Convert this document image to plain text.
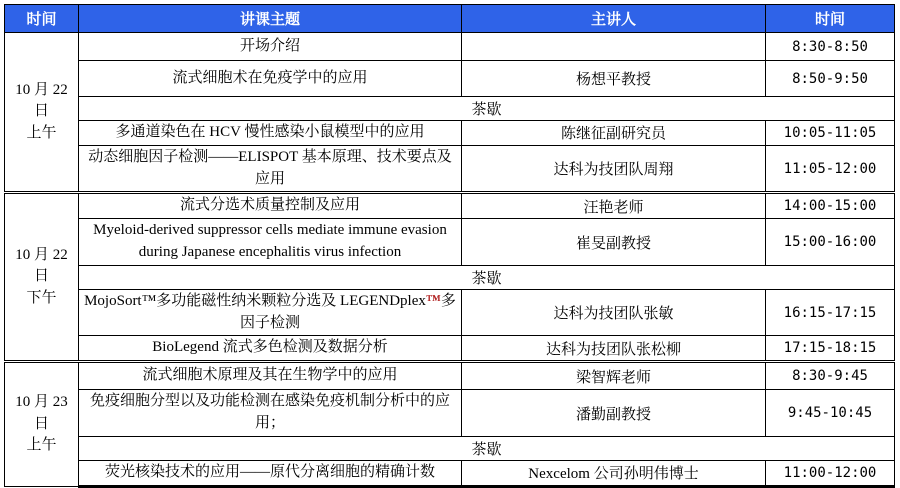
时间	讲课主题	主讲人	时间

10 月 22
日
上午	开场介绍		8:30-8:50
	流式细胞术在免疫学中的应用	杨想平教授	8:50-9:50
	茶歇		
	多通道染色在 HCV 慢性感染小鼠模型中的应用	陈继征副研究员	10:05-11:05
	动态细胞因子检测——ELISPOT 基本原理、技术要点及应用	达科为技团队周翔	11:05-12:00

10 月 22
日
下午	流式分选术质量控制及应用	汪艳老师	14:00-15:00
	Myeloid-derived suppressor cells mediate immune evasion during Japanese encephalitis virus infection	崔旻副教授	15:00-16:00
	茶歇		
	MojoSort™多功能磁性纳米颗粒分选及 LEGENDplex™多因子检测	达科为技团队张敏	16:15-17:15
	BioLegend 流式多色检测及数据分析	达科为技团队张松柳	17:15-18:15

10 月 23
日
上午	流式细胞术原理及其在生物学中的应用	梁智辉老师	8:30-9:45
	免疫细胞分型以及功能检测在感染免疫机制分析中的应用；	潘勤副教授	9:45-10:45
	茶歇		
	荧光核染技术的应用——原代分离细胞的精确计数	Nexcelom 公司孙明伟博士	11:00-12:00
